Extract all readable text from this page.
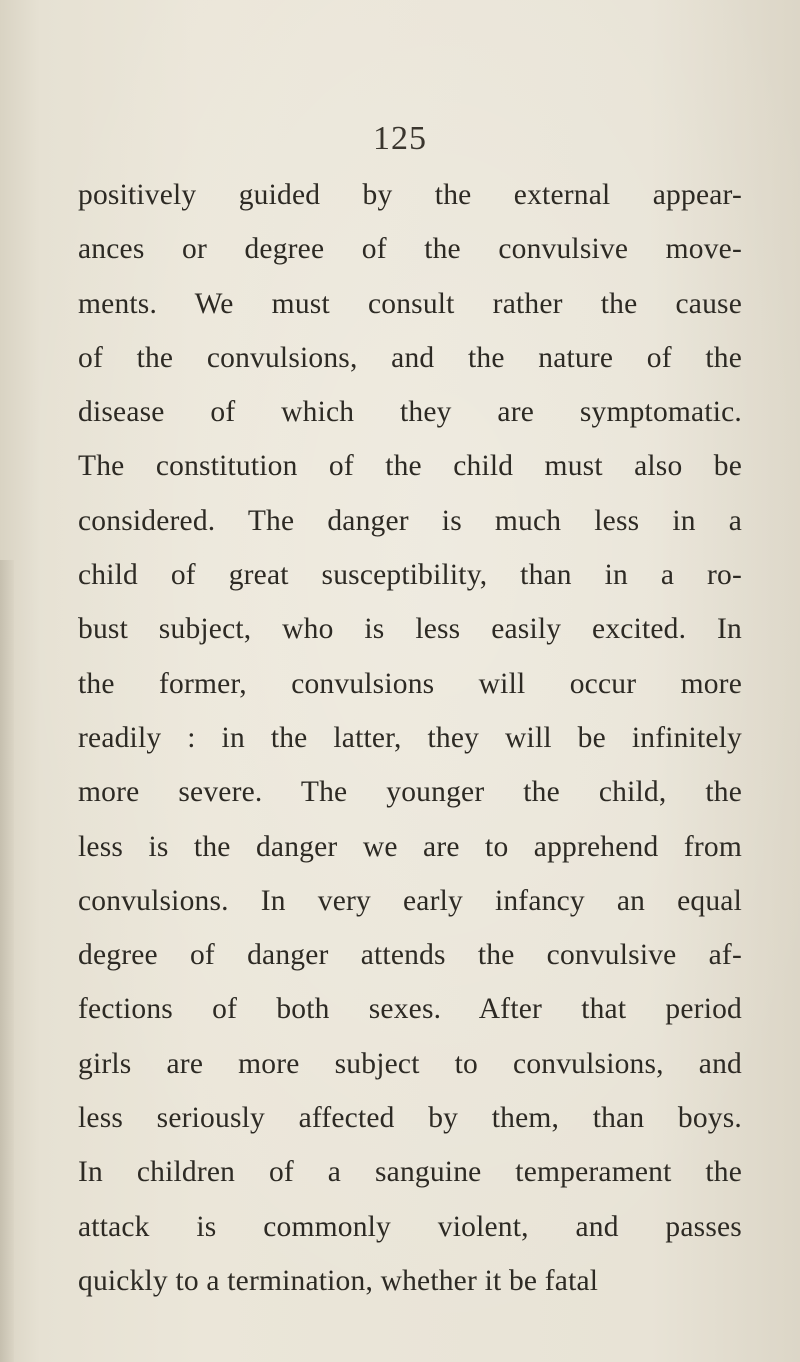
125
positively guided by the external appear-
ances or degree of the convulsive move-
ments. We must consult rather the cause
of the convulsions, and the nature of the
disease of which they are symptomatic.
The constitution of the child must also be
considered. The danger is much less in a
child of great susceptibility, than in a ro-
bust subject, who is less easily excited. In
the former, convulsions will occur more
readily : in the latter, they will be infinitely
more severe. The younger the child, the
less is the danger we are to apprehend from
convulsions. In very early infancy an equal
degree of danger attends the convulsive af-
fections of both sexes. After that period
girls are more subject to convulsions, and
less seriously affected by them, than boys.
In children of a sanguine temperament the
attack is commonly violent, and passes
quickly to a termination, whether it be fatal
